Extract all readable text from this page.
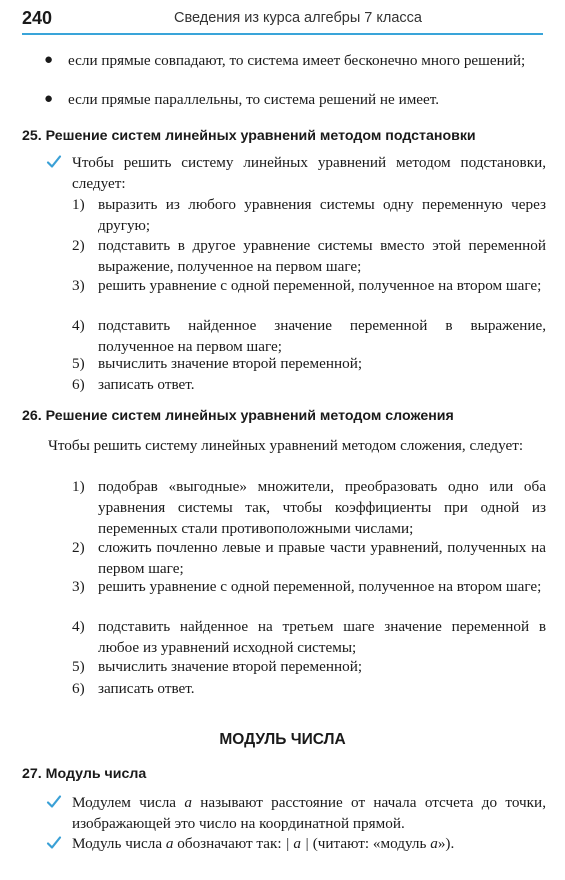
240	Сведения из курса алгебры 7 класса
● если прямые совпадают, то система имеет бесконечно много решений;
● если прямые параллельны, то система решений не имеет.
25. Решение систем линейных уравнений методом подстановки
Чтобы решить систему линейных уравнений методом подстановки, следует:
1) выразить из любого уравнения системы одну переменную через другую;
2) подставить в другое уравнение системы вместо этой переменной выражение, полученное на первом шаге;
3) решить уравнение с одной переменной, полученное на втором шаге;
4) подставить найденное значение переменной в выражение, полученное на первом шаге;
5) вычислить значение второй переменной;
6) записать ответ.
26. Решение систем линейных уравнений методом сложения
Чтобы решить систему линейных уравнений методом сложения, следует:
1) подобрав «выгодные» множители, преобразовать одно или оба уравнения системы так, чтобы коэффициенты при одной из переменных стали противоположными числами;
2) сложить почленно левые и правые части уравнений, полученных на первом шаге;
3) решить уравнение с одной переменной, полученное на втором шаге;
4) подставить найденное на третьем шаге значение переменной в любое из уравнений исходной системы;
5) вычислить значение второй переменной;
6) записать ответ.
МОДУЛЬ ЧИСЛА
27. Модуль числа
Модулем числа a называют расстояние от начала отсчета до точки, изображающей это число на координатной прямой.
Модуль числа a обозначают так: | a | (читают: «модуль a»).
